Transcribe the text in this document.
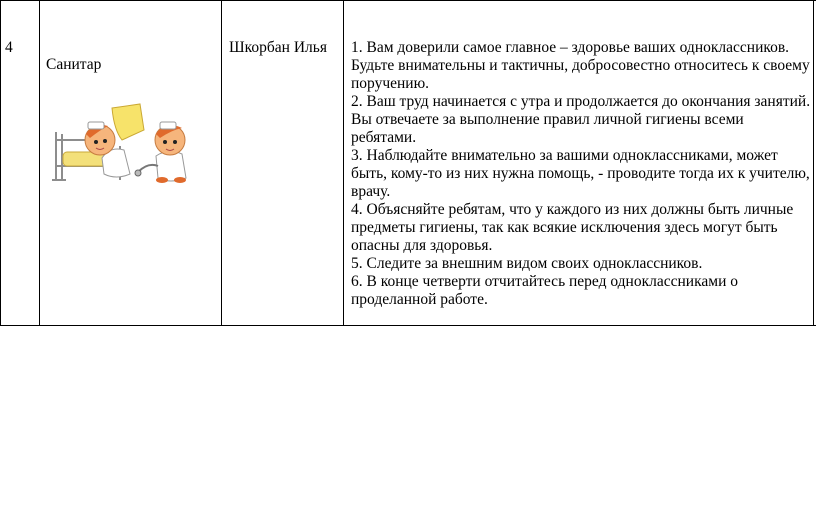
4
Санитар
Шкорбан Илья 1. Вам доверили самое главное – здоровье ваших одноклассников. Будьте внимательны и тактичны, добросовестно относитесь к своему поручению.

2. Ваш труд начинается с утра и продолжается до окончания занятий. Вы отвечаете за выполнение правил личной гигиены всеми ребятами.

3. Наблюдайте внимательно за вашими одноклассниками, может быть, кому-то из них нужна помощь, - проводите тогда их к учителю, врачу.

4. Объясняйте ребятам, что у каждого из них должны быть личные предметы гигиены, так как всякие исключения здесь могут быть опасны для здоровья.

5. Следите за внешним видом своих одноклассников.

6. В конце четверти отчитайтесь перед одноклассниками о проделанной работе.
